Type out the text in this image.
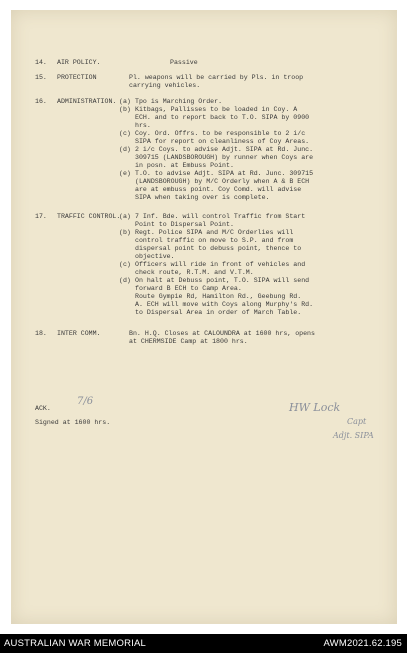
14. AIR POLICY.	Passive
15. PROTECTION	Pl. weapons will be carried by Pls. in troop
carrying vehicles.
16. ADMINISTRATION. (a) Tpo is Marching Order.
(b) Kitbags, Pallisses to be loaded in Coy. A
ECH. and to report back to T.O. SIPA by 0900
hrs.
(c) Coy. Ord. Offrs. to be responsible to 2 i/c
SIPA for report on cleanliness of Coy Areas.
(d) 2 i/c Coys. to advise Adjt. SIPA at Rd. Junc.
309715 (LANDSBOROUGH) by runner when Coys are
in posn. at Embuss Point.
(e) T.O. to advise Adjt. SIPA at Rd. Junc. 309715
(LANDSBOROUGH) by M/C Orderly when A & B ECH
are at embuss point. Coy Comd. will advise
SIPA when taking over is complete.
17. TRAFFIC CONTROL.
(a) 7 Inf. Bde. will control Traffic from Start
Point to Dispersal Point.
(b) Regt. Police SIPA and M/C Orderlies will
control traffic on move to S.P. and from
dispersal point to debuss point, thence to
objective.
(c) Officers will ride in front of vehicles and
check route, R.T.M. and V.T.M.
(d) On halt at Debuss point, T.O. SIPA will send
forward B ECH to Camp Area.
Route Gympie Rd, Hamilton Rd., Geebung Rd.
A. ECH will move with Coys along Murphy's Rd.
to Dispersal Area in order of March Table.
18. INTER COMM.	Bn. H.Q. Closes at CALOUNDRA at 1600 hrs, opens
at CHERMSIDE Camp at 1800 hrs.
ACK.
7/6
Signed at 1600 hrs.
HW Lock
Capt
Adjt. SIPA
AUSTRALIAN WAR MEMORIAL	AWM2021.62.195
